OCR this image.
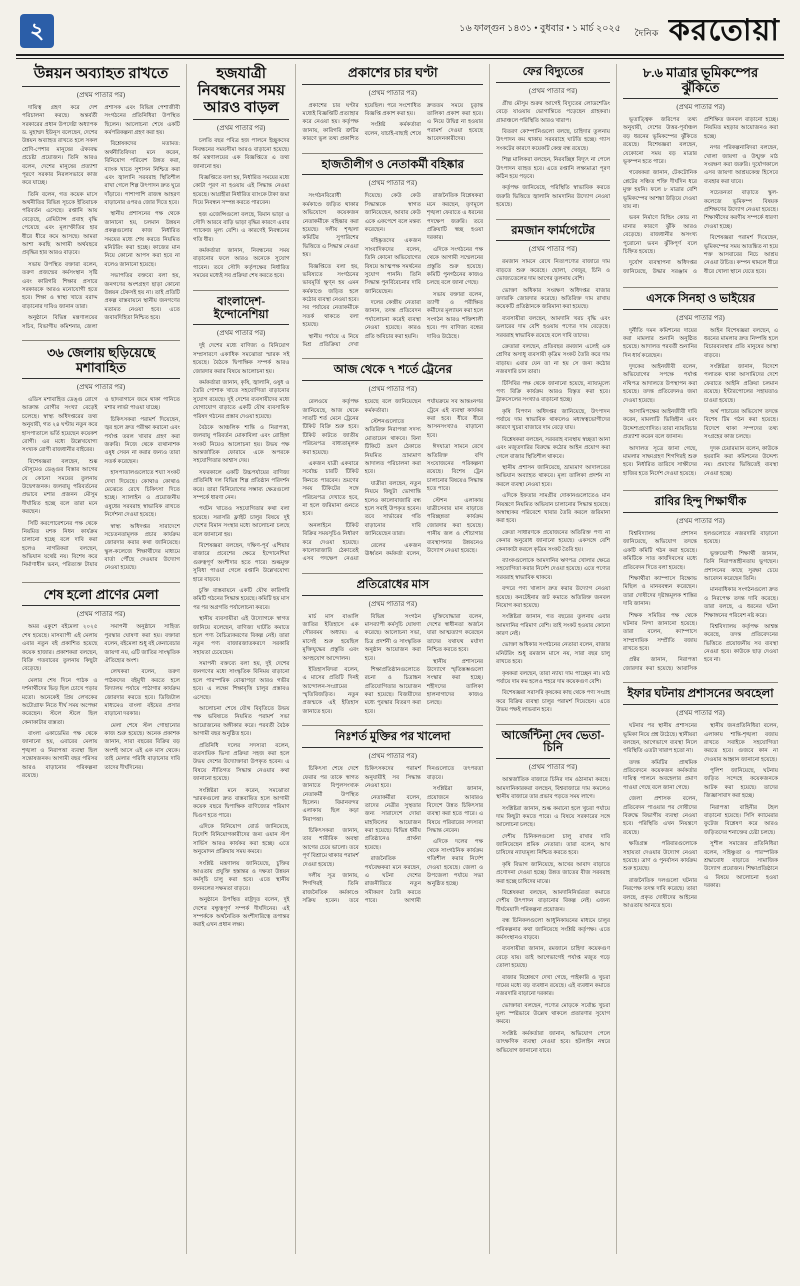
২	১৬ ফাল্গুন ১৪৩১ • বুধবার • ১ মার্চ ২০২৫ দৈনিক করতোয়া
উন্নয়ন অব্যাহত রাখতে
(প্রথম পাতার পর)

দায়িত্ব গ্রহণ করে দেশ পরিচালনা করছে। অন্তর্বর্তী সরকারের প্রধান উপদেষ্টা অধ্যাপক ড. মুহাম্মদ ইউনূস বলেছেন, দেশের উন্নয়ন অব্যাহত রাখতে হলে সকল শ্রেণি-পেশার মানুষের ঐক্যবদ্ধ প্রচেষ্টা প্রয়োজন। তিনি আরও বলেন, দেশের মানুষের প্রত্যাশা পূরণে সরকার নিরলসভাবে কাজ করে যাচ্ছে।

তিনি বলেন, গত কয়েক মাসে অর্থনীতির বিভিন্ন সূচকে ইতিবাচক পরিবর্তন এসেছে। রপ্তানি আয় বেড়েছে, রেমিট্যান্স প্রবাহ বৃদ্ধি পেয়েছে এবং মূল্যস্ফীতির হার ধীরে ধীরে কমে আসছে। আমরা আশা করছি আগামী অর্থবছরে প্রবৃদ্ধির হার আরও বাড়বে।

সভায় উপস্থিত বক্তারা বলেন, তরুণ প্রজন্মের কর্মসংস্থান সৃষ্টি এবং কারিগরি শিক্ষার প্রসারে সরকারকে আরও মনোযোগী হতে হবে। শিক্ষা ও স্বাস্থ্য খাতে বরাদ্দ বাড়ানোর দাবিও জানান তারা।

অনুষ্ঠানে বিভিন্ন মন্ত্রণালয়ের সচিব, বিভাগীয় কমিশনার, জেলা প্রশাসক এবং বিভিন্ন পেশাজীবী সংগঠনের প্রতিনিধিরা উপস্থিত ছিলেন। আলোচনা শেষে একটি কর্মপরিকল্পনা গ্রহণ করা হয়।

বিশ্লেষকদের মতামত: অর্থনীতিবিদরা মনে করেন, বিনিয়োগ পরিবেশ উন্নত করা, ব্যাংক খাতে সুশাসন নিশ্চিত করা এবং জ্বালানি সরবরাহ স্থিতিশীল রাখা গেলে শিল্প উৎপাদন দ্রুত ঘুরে দাঁড়াবে। পাশাপাশি রাজস্ব আহরণ বাড়ানোর ওপরও জোর দিতে হবে।

স্থানীয় প্রশাসনের পক্ষ থেকে জানানো হয়, চলমান উন্নয়ন প্রকল্পগুলোর কাজ নির্ধারিত সময়ের মধ্যে শেষ করতে নিয়মিত মনিটরিং করা হচ্ছে। কাজের মান নিয়ে কোনো আপস করা হবে না বলেও জানানো হয়েছে।

সভাপতির বক্তব্যে বলা হয়, জনগণের অংশগ্রহণ ছাড়া কোনো উন্নয়ন টেকসই হয় না। তাই প্রতিটি প্রকল্প বাস্তবায়নে স্থানীয় জনগণের মতামত নেওয়া হবে। এতে জবাবদিহিতা নিশ্চিত হবে।

৩৬ জেলায় ছড়িয়েছে মশাবাহিত
(প্রথম পাতার পর)

এডিস মশাবাহিত ডেঙ্গু রোগে আক্রান্ত রোগীর সংখ্যা বেড়েই চলেছে। স্বাস্থ্য অধিদপ্তরের তথ্য অনুযায়ী, গত ২৪ ঘণ্টায় নতুন করে হাসপাতালে ভর্তি হয়েছেন কয়েকশ রোগী। এর মধ্যে উল্লেখযোগ্য সংখ্যক রোগী রাজধানীর বাইরের।

বিশেষজ্ঞরা বলছেন, শুষ্ক মৌসুমেও ডেঙ্গুর বিস্তার আগের যে কোনো সময়ের তুলনায় উদ্বেগজনক। জলবায়ু পরিবর্তনের প্রভাবে মশার প্রজনন মৌসুম দীর্ঘায়িত হচ্ছে বলে তারা মনে করছেন।

সিটি করপোরেশনের পক্ষ থেকে নিয়মিত মশক নিধন কার্যক্রম চালানো হচ্ছে বলে দাবি করা হলেও নাগরিকরা বলছেন, অভিযান যথেষ্ট নয়। বিশেষ করে নির্মাণাধীন ভবন, পরিত্যক্ত টায়ার ও ছাদবাগানে জমে থাকা পানিতে মশার লার্ভা পাওয়া যাচ্ছে।

চিকিৎসকরা পরামর্শ দিয়েছেন, জ্বর হলে দ্রুত পরীক্ষা করানো এবং পর্যাপ্ত তরল খাবার গ্রহণ করা জরুরি। নিজে থেকে ব্যথানাশক ওষুধ সেবন না করার জন্যও তারা সতর্ক করেছেন।

হাসপাতালগুলোতে শয্যা সংকট দেখা দিয়েছে। কোথাও কোথাও মেঝেতে রেখে চিকিৎসা দিতে হচ্ছে। স্যালাইন ও প্রয়োজনীয় ওষুধের সরবরাহ স্বাভাবিক রাখতে নির্দেশনা দেওয়া হয়েছে।

স্বাস্থ্য অধিদপ্তর সারাদেশে সচেতনতামূলক প্রচার কার্যক্রম জোরদার করার কথা জানিয়েছে। স্কুল-কলেজে শিক্ষার্থীদের মাধ্যমে বার্তা পৌঁছে দেওয়ার উদ্যোগ নেওয়া হয়েছে।

শেষ হলো প্রাণের মেলা
(প্রথম পাতার পর)

অমর একুশে বইমেলা ২০২৫ শেষ হয়েছে। মাসব্যাপী এই মেলায় এবার নতুন বই প্রকাশিত হয়েছে কয়েক হাজার। প্রকাশকরা বলছেন, বিক্রি গতবারের তুলনায় কিছুটা বেড়েছে।

মেলার শেষ দিনে পাঠক ও দর্শনার্থীদের ভিড় ছিল চোখে পড়ার মতো। অনেকেই প্রিয় লেখকের অটোগ্রাফ নিতে দীর্ঘ সময় অপেক্ষা করেছেন। স্টলে স্টলে ছিল কেনাকাটার ব্যস্ততা।

বাংলা একাডেমির পক্ষ থেকে জানানো হয়, এবারের মেলায় শৃঙ্খলা ও নিরাপত্তা ব্যবস্থা ছিল সন্তোষজনক। আগামী বছর পরিসর আরও বাড়ানোর পরিকল্পনা রয়েছে।

সমাপনী অনুষ্ঠানে সাহিত্য পুরস্কার ঘোষণা করা হয়। বক্তারা বলেন, বইমেলা শুধু বই কেনাবেচার জায়গা নয়, এটি জাতির সাংস্কৃতিক ঐতিহ্যের অংশ।

লেখকরা বলেন, তরুণ পাঠকদের বইমুখী করতে হলে বিদ্যালয় পর্যায়ে পাঠাগার কার্যক্রম জোরদার করতে হবে। ডিজিটাল মাধ্যমেও বাংলা বইয়ের প্রসার বাড়ানো দরকার।

মেলা শেষে স্টল গোছানোর কাজ শুরু হয়েছে। অনেক প্রকাশক জানান, সারা বছরের বিক্রির বড় অংশই আসে এই এক মাস থেকে। তাই মেলার পরিধি বাড়ানোর দাবি তাদের দীর্ঘদিনের।

হজযাত্রী নিবন্ধনের সময় আরও বাড়ল
(প্রথম পাতার পর)

চলতি বছর পবিত্র হজ পালনে ইচ্ছুকদের নিবন্ধনের সময়সীমা আরও বাড়ানো হয়েছে। ধর্ম মন্ত্রণালয়ের এক বিজ্ঞপ্তিতে এ তথ্য জানানো হয়।

বিজ্ঞপ্তিতে বলা হয়, নির্ধারিত সময়ের মধ্যে কোটা পূরণ না হওয়ায় এই সিদ্ধান্ত নেওয়া হয়েছে। আগ্রহীরা নির্ধারিত ব্যাংকে টাকা জমা দিয়ে নিবন্ধন সম্পন্ন করতে পারবেন।

হজ এজেন্সিগুলো বলছে, বিমান ভাড়া ও সৌদি আরবে বাড়ি ভাড়া বৃদ্ধির কারণে এবার প্যাকেজ মূল্য বেশি। এ কারণেই নিবন্ধনের গতি ধীর।

কর্মকর্তারা জানান, নিবন্ধনের সময় বাড়ানোর ফলে আরও অনেকে সুযোগ পাবেন। তবে সৌদি কর্তৃপক্ষের নির্ধারিত সময়ের মধ্যেই সব প্রক্রিয়া শেষ করতে হবে।

বাংলাদেশ-ইন্দোনেশিয়া
(প্রথম পাতার পর)

দুই দেশের মধ্যে বাণিজ্য ও বিনিয়োগ সম্প্রসারণে একাধিক সমঝোতা স্মারক সই হয়েছে। বৈঠকে দ্বিপাক্ষিক সম্পর্ক আরও জোরদার করার বিষয়ে আলোচনা হয়।

কর্মকর্তারা জানান, কৃষি, জ্বালানি, ওষুধ ও তৈরি পোশাক খাতে সহযোগিতা বাড়ানোর সুযোগ রয়েছে। দুই দেশের ব্যবসায়ীদের মধ্যে যোগাযোগ বাড়াতে একটি যৌথ ব্যবসায়িক পরিষদ গঠনের প্রস্তাব দেওয়া হয়েছে।

বৈঠকে আঞ্চলিক শান্তি ও নিরাপত্তা, জলবায়ু পরিবর্তন মোকাবিলা এবং রোহিঙ্গা সংকট নিয়েও আলোচনা হয়। উভয় পক্ষ আন্তর্জাতিক ফোরামে একে অপরকে সহযোগিতার আশ্বাস দেয়।

সফরকালে একটি উচ্চপর্যায়ের বাণিজ্য প্রতিনিধি দল বিভিন্ন শিল্প প্রতিষ্ঠান পরিদর্শন করে। তারা বিনিয়োগের সম্ভাব্য ক্ষেত্রগুলো সম্পর্কে ধারণা নেন।

পর্যটন খাতেও সহযোগিতার কথা বলা হয়েছে। সরাসরি ফ্লাইট চালুর বিষয়ে দুই দেশের বিমান সংস্থার মধ্যে আলোচনা চলছে বলে জানানো হয়।

বিশেষজ্ঞরা বলছেন, দক্ষিণ-পূর্ব এশিয়ার বাজারে প্রবেশের ক্ষেত্রে ইন্দোনেশিয়া গুরুত্বপূর্ণ অংশীদার হতে পারে। শুল্কমুক্ত সুবিধা পাওয়া গেলে রপ্তানি উল্লেখযোগ্য হারে বাড়বে।

চুক্তি বাস্তবায়নে একটি যৌথ কারিগরি কমিটি গঠনের সিদ্ধান্ত হয়েছে। কমিটি ছয় মাস পর পর অগ্রগতি পর্যালোচনা করবে।

স্থানীয় ব্যবসায়ীরা এই উদ্যোগকে স্বাগত জানিয়ে বলেছেন, বাণিজ্য ঘাটতি কমাতে হলে পণ্য বৈচিত্র্যকরণের বিকল্প নেই। তারা নতুন পণ্য বাজারজাতকরণে সরকারি সহায়তা চেয়েছেন।

সমাপনী বক্তব্যে বলা হয়, দুই দেশের জনগণের মধ্যে সাংস্কৃতিক বিনিময় বাড়ানো হলে পারস্পরিক বোঝাপড়া আরও গভীর হবে। এ লক্ষ্যে শিক্ষাবৃত্তি চালুর প্রস্তাবও এসেছে।

আলোচনা শেষে যৌথ বিবৃতিতে উভয় পক্ষ ভবিষ্যতে নিয়মিত পরামর্শ সভা আয়োজনের অঙ্গীকার করে। পরবর্তী বৈঠক আগামী বছর অনুষ্ঠিত হবে।

প্রতিনিধি দলের সদস্যরা বলেন, ব্যবসায়িক ভিসা প্রক্রিয়া সহজ করা হলে উভয় দেশের উদ্যোক্তারা উপকৃত হবেন। এ বিষয়ে নীতিগত সিদ্ধান্ত নেওয়ার কথা জানানো হয়েছে।

সংশ্লিষ্টরা মনে করেন, সমঝোতা স্মারকগুলো দ্রুত বাস্তবায়িত হলে আগামী কয়েক বছরে দ্বিপাক্ষিক বাণিজ্যের পরিমাণ দ্বিগুণ হতে পারে।

এদিকে বিনিয়োগ বোর্ড জানিয়েছে, বিদেশি বিনিয়োগকারীদের জন্য ওয়ান স্টপ সার্ভিস আরও কার্যকর করা হচ্ছে। এতে অনুমোদন প্রক্রিয়ায় সময় কমবে।

সংশ্লিষ্ট মন্ত্রণালয় জানিয়েছে, চুক্তির আওতায় প্রযুক্তি হস্তান্তর ও দক্ষতা উন্নয়ন কর্মসূচি চালু করা হবে। এতে স্থানীয় জনবলের সক্ষমতা বাড়বে।

অনুষ্ঠানে উপস্থিত রাষ্ট্রদূত বলেন, দুই দেশের বন্ধুত্বপূর্ণ সম্পর্ক দীর্ঘদিনের। এই সম্পর্ককে অর্থনৈতিক অংশীদারিত্বে রূপান্তর করাই এখন প্রধান লক্ষ্য।

প্রকাশের চার ঘণ্টা
(প্রথম পাতার পর)

প্রকাশের চার ঘণ্টার মধ্যেই বিজ্ঞপ্তিটি প্রত্যাহার করে নেওয়া হয়। কর্তৃপক্ষ জানায়, কারিগরি ত্রুটির কারণে ভুল তথ্য প্রকাশিত হয়েছিল। পরে সংশোধিত বিজ্ঞপ্তি প্রকাশ করা হয়।

সংশ্লিষ্ট কর্মকর্তারা বলেন, যাচাই-বাছাই শেষে দ্রুততম সময়ে চূড়ান্ত তালিকা প্রকাশ করা হবে। এ নিয়ে উদ্বিগ্ন না হওয়ার পরামর্শ দেওয়া হয়েছে আবেদনকারীদের।

হাজতীলীগ ও নেতাকর্মী বহিষ্কার
(প্রথম পাতার পর)

সংগঠনবিরোধী কর্মকাণ্ডে জড়িত থাকার অভিযোগে কয়েকজন নেতাকর্মীকে বহিষ্কার করা হয়েছে। দলীয় শৃঙ্খলা কমিটির সুপারিশের ভিত্তিতে এ সিদ্ধান্ত নেওয়া হয়।

বিজ্ঞপ্তিতে বলা হয়, ভবিষ্যতে সংগঠনের ভাবমূর্তি ক্ষুণ্ন হয় এমন কর্মকাণ্ডে জড়িত হলে কঠোর ব্যবস্থা নেওয়া হবে। সব পর্যায়ের নেতাকর্মীকে সতর্ক থাকতে বলা হয়েছে।

স্থানীয় পর্যায়ে এ নিয়ে মিশ্র প্রতিক্রিয়া দেখা দিয়েছে। কেউ কেউ সিদ্ধান্তকে স্বাগত জানিয়েছেন, আবার কেউ একে একপেশে বলে মন্তব্য করেছেন।

বহিষ্কৃতদের একজন সাংবাদিকদের বলেন, তিনি কোনো অভিযোগের বিষয়ে আত্মপক্ষ সমর্থনের সুযোগ পাননি। তিনি সিদ্ধান্ত পুনর্বিবেচনার দাবি জানিয়েছেন।

দলের কেন্দ্রীয় নেতারা জানান, তদন্ত প্রতিবেদন পর্যালোচনা করেই ব্যবস্থা নেওয়া হয়েছে। কারও প্রতি অবিচার করা হয়নি।

রাজনৈতিক বিশ্লেষকরা মনে করছেন, তৃণমূলে শৃঙ্খলা ফেরাতে এ ধরনের পদক্ষেপ জরুরি। তবে প্রক্রিয়াটি স্বচ্ছ হওয়া দরকার।

এদিকে সংগঠনের পক্ষ থেকে আগামী সম্মেলনের প্রস্তুতি শুরু হয়েছে। কমিটি পুনর্গঠনের কাজও চলছে বলে জানা গেছে।

সভায় বক্তারা বলেন, ত্যাগী ও পরীক্ষিত কর্মীদের মূল্যায়ন করা হলে সংগঠন আরও শক্তিশালী হবে। পদ বাণিজ্য বন্ধের দাবিও উঠেছে।

আজ থেকে ৭ শর্তে ট্রেনের
(প্রথম পাতার পর)

রেলওয়ে কর্তৃপক্ষ জানিয়েছে, আজ থেকে সাতটি শর্ত মেনে ট্রেনের টিকিট বিক্রি শুরু হবে। টিকিট কাটতে জাতীয় পরিচয়পত্র বাধ্যতামূলক করা হয়েছে।

একজন যাত্রী একবারে সর্বোচ্চ চারটি টিকিট কিনতে পারবেন। ভ্রমণের সময় টিকিটের সঙ্গে পরিচয়পত্র দেখাতে হবে, না হলে জরিমানা গুনতে হবে।

অনলাইনে টিকিট বিক্রির সময়সূচিও নির্ধারণ করে দেওয়া হয়েছে। কালোবাজারি ঠেকাতেই এসব পদক্ষেপ নেওয়া হয়েছে বলে জানিয়েছেন কর্মকর্তারা।

স্টেশনগুলোতে অতিরিক্ত নিরাপত্তা সদস্য মোতায়েন থাকবে। বিনা টিকিটে ভ্রমণ ঠেকাতে নিয়মিত ভ্রাম্যমাণ আদালত পরিচালনা করা হবে।

যাত্রীরা বলছেন, নতুন নিয়মে কিছুটা ভোগান্তি হলেও কালোবাজারি বন্ধ হলে সবাই উপকৃত হবেন। তবে সার্ভারের গতি বাড়ানোর দাবি জানিয়েছেন তারা।

রেলের একজন ঊর্ধ্বতন কর্মকর্তা বলেন, পর্যায়ক্রমে সব আন্তঃনগর ট্রেনে এই ব্যবস্থা কার্যকর করা হবে। ধীরে ধীরে আসনসংখ্যাও বাড়ানো হবে।

ঈদযাত্রা সামনে রেখে অতিরিক্ত বগি সংযোজনের পরিকল্পনা রয়েছে। বিশেষ ট্রেন চালানোর বিষয়েও সিদ্ধান্ত হতে পারে।

স্টেশন এলাকায় যাত্রীসেবার মান বাড়াতে পরিচ্ছন্নতা কার্যক্রম জোরদার করা হয়েছে। পানীয় জল ও শৌচাগার ব্যবস্থাপনার উন্নয়নেও উদ্যোগ নেওয়া হয়েছে।

প্রতিরোধের মাস
(প্রথম পাতার পর)

মার্চ মাস বাঙালি জাতির ইতিহাসে এক গৌরবময় অধ্যায়। এ মাসেই শুরু হয়েছিল মুক্তিযুদ্ধের প্রস্তুতি এবং অসহযোগ আন্দোলন।

ইতিহাসবিদরা বলেন, এ মাসের প্রতিটি দিনই আন্দোলন-সংগ্রামের স্মৃতিবিজড়িত। নতুন প্রজন্মকে এই ইতিহাস জানাতে হবে।

বিভিন্ন সংগঠন মাসব্যাপী কর্মসূচি ঘোষণা করেছে। আলোচনা সভা, চিত্র প্রদর্শনী ও সাংস্কৃতিক অনুষ্ঠান আয়োজন করা হবে।

শিক্ষাপ্রতিষ্ঠানগুলোতে রচনা ও চিত্রাঙ্কন প্রতিযোগিতার আয়োজন করা হয়েছে। বিজয়ীদের মধ্যে পুরস্কার বিতরণ করা হবে।

মুক্তিযোদ্ধারা বলেন, দেশের স্বাধীনতা অর্জনে যারা আত্মত্যাগ করেছেন তাদের যথাযথ মর্যাদা নিশ্চিত করতে হবে।

স্থানীয় প্রশাসনের উদ্যোগে স্মৃতিস্তম্ভগুলো সংস্কার করা হচ্ছে। শহীদদের তালিকা হালনাগাদের কাজও চলছে।

নিঃশর্ত মুক্তির পর খালেদা
(প্রথম পাতার পর)

চিকিৎসা শেষে দেশে ফেরার পর তাকে স্বাগত জানাতে বিপুলসংখ্যক নেতাকর্মী উপস্থিত ছিলেন। বিমানবন্দর এলাকায় ছিল কড়া নিরাপত্তা।

চিকিৎসকরা জানান, তার শারীরিক অবস্থা আগের চেয়ে ভালো। তবে পূর্ণ বিশ্রামে থাকার পরামর্শ দেওয়া হয়েছে।

দলীয় সূত্র জানায়, শিগগিরই তিনি রাজনৈতিক কর্মকাণ্ডে সক্রিয় হবেন। তবে চিকিৎসকদের পরামর্শ অনুযায়ীই সব সিদ্ধান্ত নেওয়া হবে।

নেতাকর্মীরা বলেন, তাদের নেত্রীর সুস্থতার জন্য সারাদেশে দোয়া মাহফিলের আয়োজন করা হয়েছে। বিভিন্ন ধর্মীয় প্রতিষ্ঠানেও প্রার্থনা হয়েছে।

রাজনৈতিক পর্যবেক্ষকরা মনে করছেন, এ ঘটনা দেশের রাজনীতিতে নতুন সমীকরণ তৈরি করতে পারে। আগামী দিনগুলোতে তৎপরতা বাড়বে।

সংশ্লিষ্টরা জানান, প্রয়োজনে আবারও বিদেশে উন্নত চিকিৎসার ব্যবস্থা করা হতে পারে। এ বিষয়ে পরিবারের সদস্যরা সিদ্ধান্ত নেবেন।

এদিকে দলের পক্ষ থেকে সাংগঠনিক কার্যক্রম গতিশীল করার নির্দেশ দেওয়া হয়েছে। জেলা ও উপজেলা পর্যায়ে সভা অনুষ্ঠিত হচ্ছে।

ফের বিদ্যুতের
(প্রথম পাতার পর)

গ্রীষ্ম মৌসুম শুরুর আগেই বিদ্যুতের লোডশেডিং বেড়ে যাওয়ায় ভোগান্তিতে পড়েছেন গ্রাহকরা। গ্রামাঞ্চলে পরিস্থিতি আরও খারাপ।

বিতরণ কোম্পানিগুলো বলছে, চাহিদার তুলনায় উৎপাদন কম থাকায় সরবরাহে ঘাটতি হচ্ছে। গ্যাস সংকটের কারণে কয়েকটি কেন্দ্র বন্ধ রয়েছে।

শিল্প মালিকরা বলছেন, নিরবচ্ছিন্ন বিদ্যুৎ না পেলে উৎপাদন ব্যাহত হবে। এতে রপ্তানি লক্ষ্যমাত্রা পূরণ কঠিন হয়ে পড়বে।

কর্তৃপক্ষ জানিয়েছে, পরিস্থিতি স্বাভাবিক করতে জরুরি ভিত্তিতে জ্বালানি আমদানির উদ্যোগ নেওয়া হয়েছে।

রমজান ফার্মগেটের
(প্রথম পাতার পর)

রমজান সামনে রেখে নিত্যপণ্যের বাজারে দাম বাড়তে শুরু করেছে। ছোলা, খেজুর, চিনি ও ভোজ্যতেলের দাম আগের তুলনায় বেশি।

ভোক্তা অধিকার সংরক্ষণ অধিদপ্তর বাজার তদারকি জোরদার করেছে। অতিরিক্ত দাম রাখায় কয়েকটি প্রতিষ্ঠানকে জরিমানা করা হয়েছে।

ব্যবসায়ীরা বলছেন, আমদানি খরচ বৃদ্ধি এবং ডলারের দাম বেশি হওয়ায় পণ্যের দাম বেড়েছে। সরবরাহ স্বাভাবিক রয়েছে বলে দাবি তাদের।

ক্রেতারা বলছেন, প্রতিবছর রমজান এলেই এক শ্রেণির অসাধু ব্যবসায়ী কৃত্রিম সংকট তৈরি করে দাম বাড়ায়। এবার যেন তা না হয় সে জন্য কঠোর নজরদারি চান তারা।

টিসিবির পক্ষ থেকে জানানো হয়েছে, ন্যায্যমূল্যে পণ্য বিক্রি কার্যক্রম আরও বিস্তৃত করা হবে। ট্রাকসেলের সংখ্যাও বাড়ানো হচ্ছে।

কৃষি বিপণন অধিদপ্তর জানিয়েছে, উৎপাদন পর্যায়ে দাম স্বাভাবিক থাকলেও মধ্যস্বত্বভোগীদের কারণে খুচরা বাজারে দাম বেড়ে যায়।

বিশ্লেষকরা বলছেন, সরবরাহ ব্যবস্থায় স্বচ্ছতা আনা এবং মজুতদারির বিরুদ্ধে কঠোর আইন প্রয়োগ করা গেলে বাজার স্থিতিশীল থাকবে।

স্থানীয় প্রশাসন জানিয়েছে, ভ্রাম্যমাণ আদালতের অভিযান অব্যাহত থাকবে। মূল্য তালিকা প্রদর্শন না করলে ব্যবস্থা নেওয়া হবে।

এদিকে ইফতার সামগ্রীর দোকানগুলোতেও মান নিয়ন্ত্রণে নিয়মিত অভিযান চালানোর সিদ্ধান্ত হয়েছে। অস্বাস্থ্যকর পরিবেশে খাবার তৈরি করলে জরিমানা করা হবে।

ক্রেতা সাধারণকে প্রয়োজনের অতিরিক্ত পণ্য না কেনার অনুরোধ জানানো হয়েছে। একসঙ্গে বেশি কেনাকাটা করলে কৃত্রিম সংকট তৈরি হয়।

ব্যাংকগুলোকে আমদানির ঋণপত্র খোলার ক্ষেত্রে সহযোগিতা করার নির্দেশ দেওয়া হয়েছে। এতে পণ্যের সরবরাহ স্বাভাবিক থাকবে।

বন্দরে পণ্য খালাস দ্রুত করার উদ্যোগ নেওয়া হয়েছে। কনটেইনার জট কমাতে অতিরিক্ত জনবল নিয়োগ করা হয়েছে।

সংশ্লিষ্টরা জানান, গত বছরের তুলনায় এবার আমদানির পরিমাণ বেশি। তাই সংকট হওয়ার কোনো কারণ নেই।

ভোক্তা অধিকার সংগঠনের নেতারা বলেন, বাজার মনিটরিং শুধু রমজান মাসে নয়, সারা বছর চালু রাখতে হবে।

কৃষকরা বলছেন, তারা ন্যায্য দাম পাচ্ছেন না। মাঠ পর্যায়ে দাম কম হলেও শহরে দাম কয়েকগুণ বেশি।

বিশেষজ্ঞরা সরাসরি কৃষকের কাছ থেকে পণ্য সংগ্রহ করে বিক্রির ব্যবস্থা চালুর পরামর্শ দিয়েছেন। এতে উভয় পক্ষই লাভবান হবে।

আর্জেন্টিনা দেব ভেতা-চিনি
(প্রথম পাতার পর)

আন্তর্জাতিক বাজারে চিনির দাম ওঠানামা করছে। আমদানিকারকরা বলছেন, বিশ্ববাজারে দাম কমলেও স্থানীয় বাজারে তার প্রভাব পড়তে সময় লাগে।

সংশ্লিষ্টরা জানান, শুল্ক কমানো হলে খুচরা পর্যায়ে দাম কিছুটা কমতে পারে। এ বিষয়ে সরকারের সঙ্গে আলোচনা চলছে।

দেশীয় চিনিকলগুলো চালু রাখার দাবি জানিয়েছেন শ্রমিক নেতারা। তারা বলেন, আখ চাষিদের ন্যায্যমূল্য নিশ্চিত করতে হবে।

কৃষি বিভাগ জানিয়েছে, আখের আবাদ বাড়াতে প্রণোদনা দেওয়া হচ্ছে। উন্নত জাতের বীজ সরবরাহ করা হচ্ছে চাষিদের মাঝে।

বিশ্লেষকরা বলছেন, আমদানিনির্ভরতা কমাতে দেশীয় উৎপাদন বাড়ানোর বিকল্প নেই। এজন্য দীর্ঘমেয়াদি পরিকল্পনা প্রয়োজন।

বন্ধ চিনিকলগুলো আধুনিকায়নের মাধ্যমে চালুর পরিকল্পনার কথা জানিয়েছে সংশ্লিষ্ট কর্তৃপক্ষ। এতে কর্মসংস্থানও বাড়বে।

ব্যবসায়ীরা জানান, রমজানে চাহিদা কয়েকগুণ বেড়ে যায়। তাই আগেভাগেই পর্যাপ্ত মজুত গড়ে তোলা হয়েছে।

বাজার বিশ্লেষণে দেখা গেছে, পাইকারি ও খুচরা দামের মধ্যে বড় ব্যবধান রয়েছে। এই ব্যবধান কমাতে নজরদারি বাড়ানো দরকার।

ভোক্তারা বলছেন, পণ্যের মোড়কে সর্বোচ্চ খুচরা মূল্য স্পষ্টভাবে উল্লেখ থাকলে প্রতারণার সুযোগ কমবে।

সংশ্লিষ্ট কর্মকর্তারা জানান, অভিযোগ পেলে তাৎক্ষণিক ব্যবস্থা নেওয়া হবে। হটলাইন নম্বরে অভিযোগ জানানো যাবে।

৮.৬ মাত্রার ভূমিকম্পের ঝুঁকিতে
(প্রথম পাতার পর)

ভূতাত্ত্বিক জরিপের তথ্য অনুযায়ী, দেশের উত্তর-পূর্বাঞ্চল বড় ধরনের ভূমিকম্পের ঝুঁকিতে রয়েছে। বিশেষজ্ঞরা বলছেন, যেকোনো সময় বড় মাত্রার ভূকম্পন হতে পারে।

গবেষকরা জানান, টেকটোনিক প্লেটের সঞ্চিত শক্তি দীর্ঘদিন ধরে মুক্ত হয়নি। ফলে ৮ মাত্রার বেশি ভূমিকম্পের আশঙ্কা উড়িয়ে দেওয়া যায় না।

ভবন নির্মাণে বিল্ডিং কোড না মানার কারণে ঝুঁকি আরও বেড়েছে। রাজধানীর অসংখ্য পুরোনো ভবন ঝুঁকিপূর্ণ বলে চিহ্নিত হয়েছে।

দুর্যোগ ব্যবস্থাপনা অধিদপ্তর জানিয়েছে, উদ্ধার সরঞ্জাম ও প্রশিক্ষিত জনবল বাড়ানো হচ্ছে। নিয়মিত মহড়ার আয়োজনও করা হচ্ছে।

নগর পরিকল্পনাবিদরা বলছেন, খোলা জায়গা ও উন্মুক্ত মাঠ সংরক্ষণ করা জরুরি। দুর্যোগকালে এসব জায়গা আশ্রয়কেন্দ্র হিসেবে ব্যবহার করা যাবে।

সচেতনতা বাড়াতে স্কুল-কলেজে ভূমিকম্প বিষয়ক প্রশিক্ষণের উদ্যোগ নেওয়া হয়েছে। শিক্ষার্থীদের করণীয় সম্পর্কে ধারণা দেওয়া হচ্ছে।

বিশেষজ্ঞরা পরামর্শ দিয়েছেন, ভূমিকম্পের সময় আতঙ্কিত না হয়ে শক্ত আসবাবের নিচে আশ্রয় নেওয়া উচিত। কম্পন থামলে ধীরে ধীরে খোলা স্থানে যেতে হবে।

এসকে সিনহা ও ভাইয়ের
(প্রথম পাতার পর)

দুর্নীতি দমন কমিশনের দায়ের করা মামলার শুনানি অনুষ্ঠিত হয়েছে। আদালত পরবর্তী শুনানির দিন ধার্য করেছেন।

দুদকের আইনজীবী বলেন, অভিযোগের সপক্ষে পর্যাপ্ত নথিপত্র আদালতে উপস্থাপন করা হয়েছে। তদন্ত প্রতিবেদনও জমা দেওয়া হয়েছে।

আসামিপক্ষের আইনজীবী দাবি করেন, মামলাটি ভিত্তিহীন এবং উদ্দেশ্যপ্রণোদিত। তারা ন্যায়বিচার প্রত্যাশা করেন বলে জানান।

আদালত সূত্রে জানা গেছে, মামলার সাক্ষ্যগ্রহণ শিগগিরই শুরু হবে। নির্ধারিত তারিখে সাক্ষীদের হাজির হতে নির্দেশ দেওয়া হয়েছে।

আইন বিশেষজ্ঞরা বলছেন, এ ধরনের মামলার দ্রুত নিষ্পত্তি হলে বিচারব্যবস্থার প্রতি মানুষের আস্থা বাড়বে।

সংশ্লিষ্টরা জানান, বিদেশে পলাতক থাকা আসামিদের দেশে ফেরাতে আইনি প্রক্রিয়া চলমান রয়েছে। ইন্টারপোলের সহায়তাও চাওয়া হয়েছে।

অর্থ পাচারের অভিযোগ তদন্তে বিশেষ টিম গঠন করা হয়েছে। বিদেশে থাকা সম্পদের তথ্য সংগ্রহের কাজ চলছে।

দুদক চেয়ারম্যান বলেন, কাউকে হয়রানি করা কমিশনের উদ্দেশ্য নয়। প্রমাণের ভিত্তিতেই ব্যবস্থা নেওয়া হচ্ছে।

রাবির হিন্দু শিক্ষার্থীক
(প্রথম পাতার পর)

বিশ্ববিদ্যালয় প্রশাসন জানিয়েছে, অভিযোগ তদন্তে একটি কমিটি গঠন করা হয়েছে। কমিটিকে সাত কার্যদিবসের মধ্যে প্রতিবেদন দিতে বলা হয়েছে।

শিক্ষার্থীরা ক্যাম্পাসে বিক্ষোভ মিছিল ও মানববন্ধন করেছেন। তারা দোষীদের দৃষ্টান্তমূলক শাস্তির দাবি জানান।

শিক্ষক সমিতির পক্ষ থেকে ঘটনার নিন্দা জানানো হয়েছে। তারা বলেন, ক্যাম্পাসে সাম্প্রদায়িক সম্প্রীতি বজায় রাখতে হবে।

প্রক্টর জানান, নিরাপত্তা জোরদার করা হয়েছে। আবাসিক হলগুলোতে নজরদারি বাড়ানো হয়েছে।

ভুক্তভোগী শিক্ষার্থী জানান, তিনি নিরাপত্তাহীনতায় ভুগছেন। প্রশাসনের কাছে সুরক্ষা চেয়ে আবেদন করেছেন তিনি।

মানবাধিকার সংগঠনগুলো দ্রুত ও নিরপেক্ষ তদন্ত দাবি করেছে। তারা বলছে, এ ধরনের ঘটনা শিক্ষাঙ্গনের পরিবেশ নষ্ট করে।

বিশ্ববিদ্যালয় কর্তৃপক্ষ আশ্বস্ত করেছে, তদন্ত প্রতিবেদনের ভিত্তিতে প্রয়োজনীয় সব ব্যবস্থা নেওয়া হবে। কাউকে ছাড় দেওয়া হবে না।

ইফার ঘটনায় প্রশাসনের অবহেলা
(প্রথম পাতার পর)

ঘটনার পর স্থানীয় প্রশাসনের ভূমিকা নিয়ে প্রশ্ন উঠেছে। স্থানীয়রা বলছেন, আগেভাগে ব্যবস্থা নিলে পরিস্থিতি এতটা খারাপ হতো না।

তদন্ত কমিটির প্রাথমিক প্রতিবেদনে কয়েকজন কর্মকর্তার দায়িত্ব পালনে অবহেলার প্রমাণ পাওয়া গেছে বলে জানা গেছে।

জেলা প্রশাসক বলেন, প্রতিবেদন পাওয়ার পর দোষীদের বিরুদ্ধে বিভাগীয় ব্যবস্থা নেওয়া হবে। পরিস্থিতি এখন নিয়ন্ত্রণে রয়েছে।

ক্ষতিগ্রস্ত পরিবারগুলোকে সহায়তা দেওয়ার উদ্যোগ নেওয়া হয়েছে। ত্রাণ ও পুনর্বাসন কার্যক্রম শুরু হয়েছে।

রাজনৈতিক দলগুলো ঘটনার নিরপেক্ষ তদন্ত দাবি করেছে। তারা বলছে, প্রকৃত দোষীদের আইনের আওতায় আনতে হবে।

স্থানীয় জনপ্রতিনিধিরা বলেন, এলাকায় শান্তি-শৃঙ্খলা বজায় রাখতে সবাইকে সহযোগিতা করতে হবে। গুজবে কান না দেওয়ার আহ্বান জানানো হয়েছে।

পুলিশ জানিয়েছে, ঘটনায় জড়িত সন্দেহে কয়েকজনকে আটক করা হয়েছে। তাদের জিজ্ঞাসাবাদ করা হচ্ছে।

নিরাপত্তা বাহিনীর টহল বাড়ানো হয়েছে। সিসি ক্যামেরার ফুটেজ বিশ্লেষণ করে আরও জড়িতদের শনাক্তের চেষ্টা চলছে।

সুশীল সমাজের প্রতিনিধিরা বলেন, সহিষ্ণুতা ও পারস্পরিক শ্রদ্ধাবোধ বাড়াতে সামাজিক উদ্যোগ প্রয়োজন। শিক্ষাপ্রতিষ্ঠানে এ বিষয়ে আলোচনা হওয়া দরকার।
